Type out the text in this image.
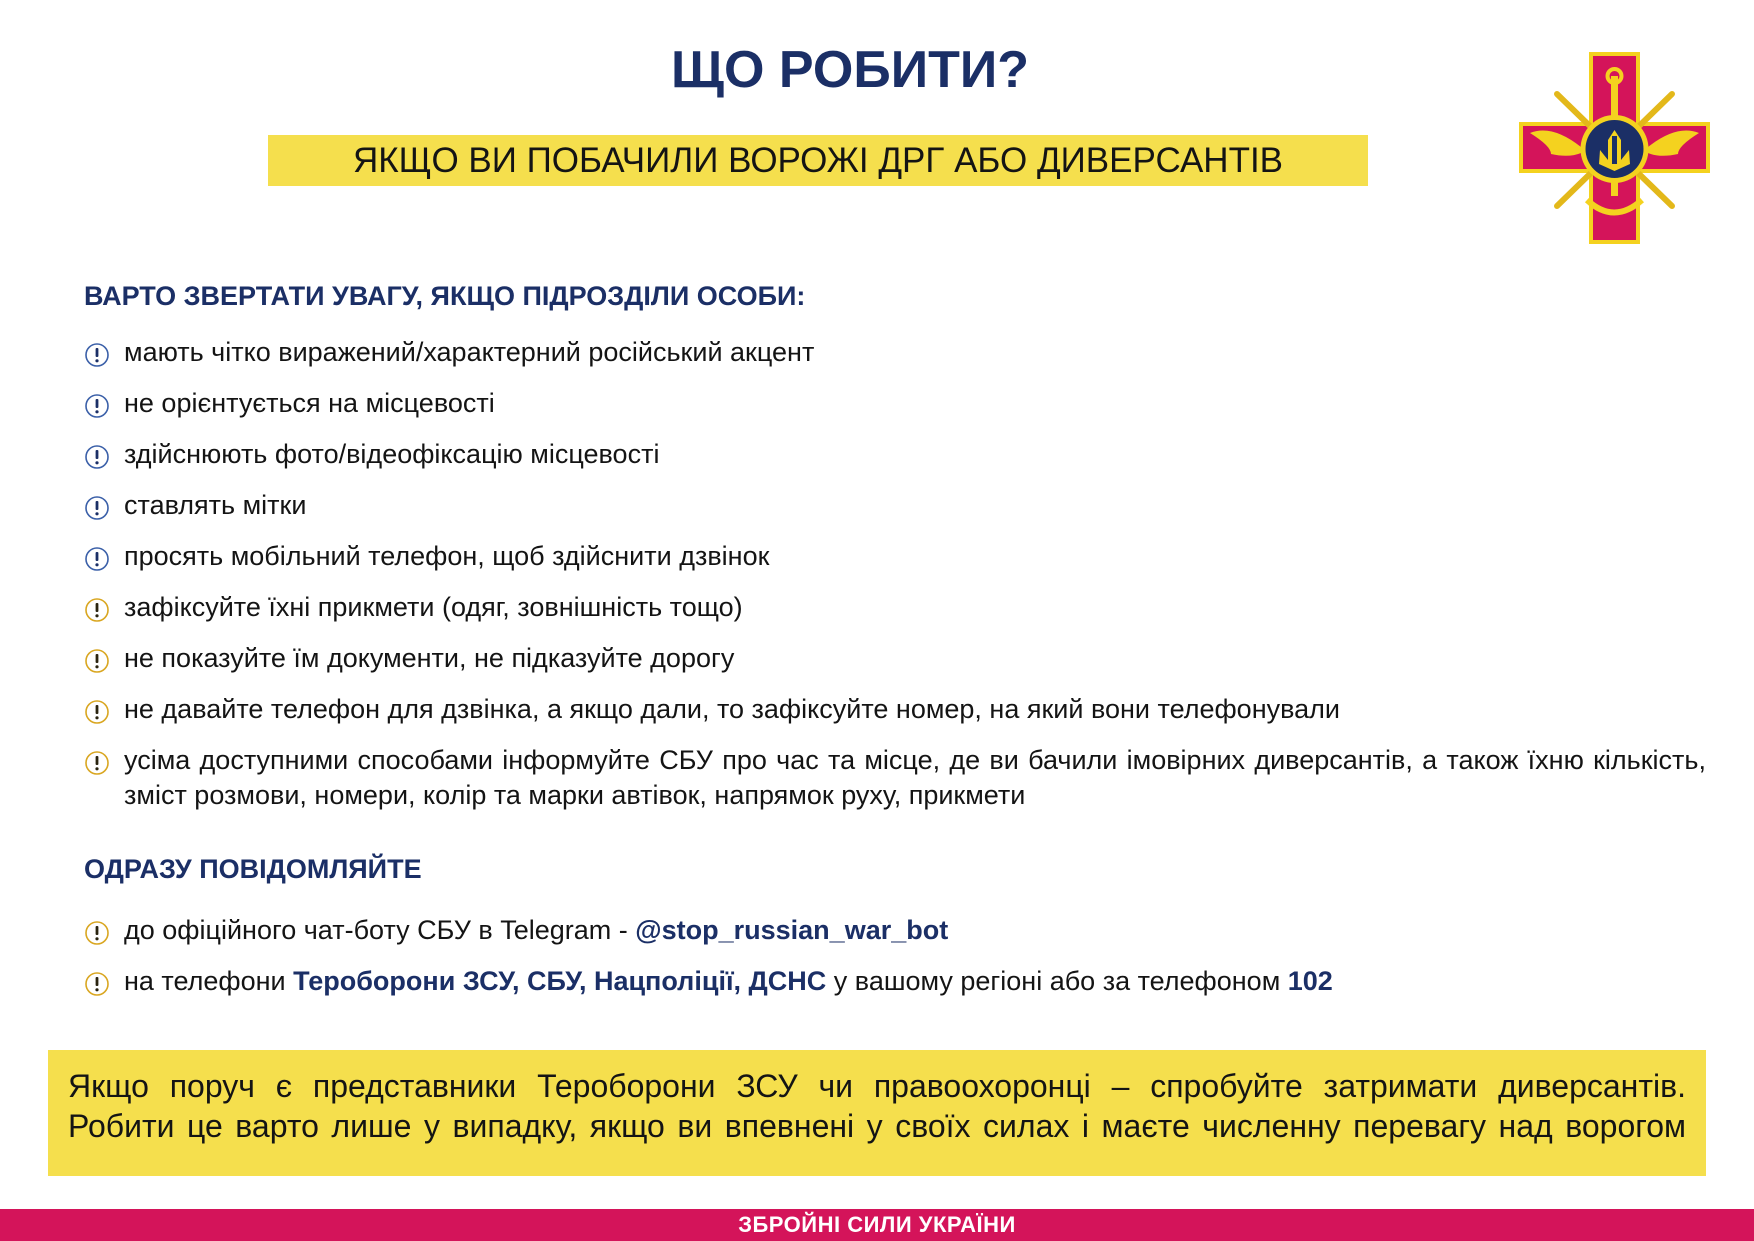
ЩО РОБИТИ?
ЯКЩО ВИ ПОБАЧИЛИ ВОРОЖІ ДРГ АБО ДИВЕРСАНТІВ
ВАРТО ЗВЕРТАТИ УВАГУ, ЯКЩО ПІДРОЗДІЛИ ОСОБИ:
мають чітко виражений/характерний російський акцент
не орієнтується на місцевості
здійснюють фото/відеофіксацію місцевості
ставлять мітки
просять мобільний телефон, щоб здійснити дзвінок
зафіксуйте їхні прикмети (одяг, зовнішність тощо)
не показуйте їм документи, не підказуйте дорогу
не давайте телефон для дзвінка, а якщо дали, то зафіксуйте номер, на який вони телефонували
усіма доступними способами інформуйте СБУ про час та місце, де ви бачили імовірних диверсантів, а також їхню кількість, зміст розмови, номери, колір та марки автівок, напрямок руху, прикмети
ОДРАЗУ ПОВІДОМЛЯЙТЕ
до офіційного чат-боту СБУ в Telegram - @stop_russian_war_bot
на телефони Тероборони ЗСУ, СБУ, Нацполіції, ДСНС у вашому регіоні або за телефоном 102
Якщо поруч є представники Тероборони ЗСУ чи правоохоронці – спробуйте затримати диверсантів.
Робити це варто лише у випадку, якщо ви впевнені у своїх силах і маєте численну перевагу над ворогом
ЗБРОЙНІ СИЛИ УКРАЇНИ
